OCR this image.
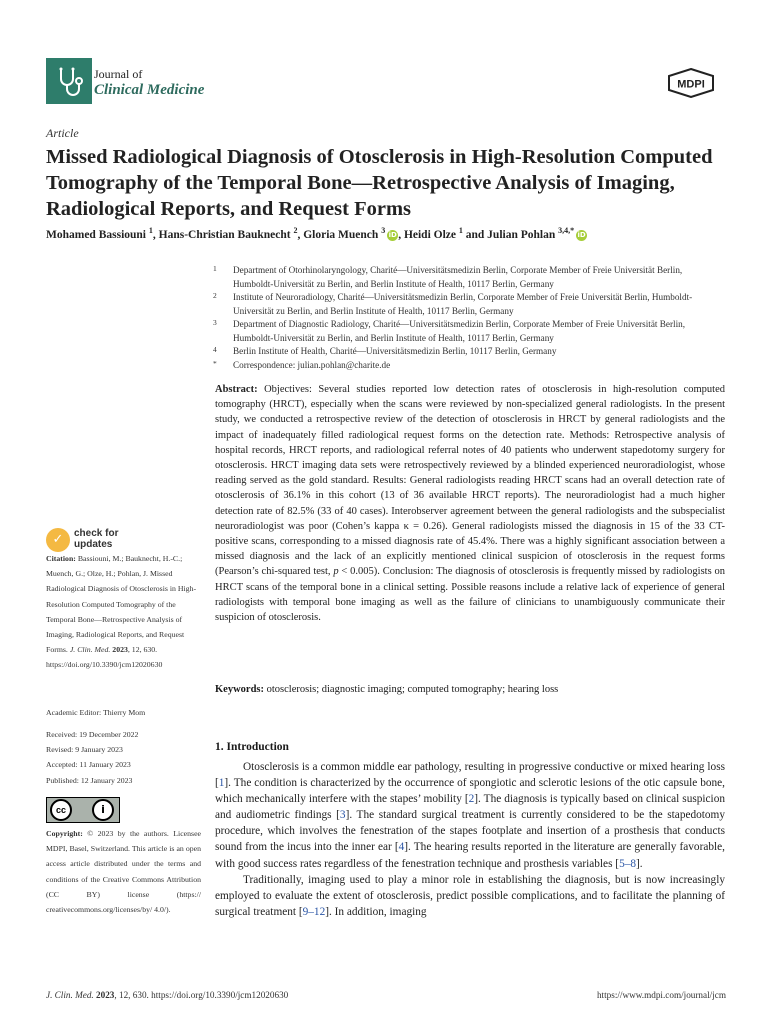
Journal of
Clinical Medicine	MDPI
Article
Missed Radiological Diagnosis of Otosclerosis in High-Resolution Computed Tomography of the Temporal Bone—Retrospective Analysis of Imaging, Radiological Reports, and Request Forms
Mohamed Bassiouni $^1$, Hans-Christian Bauknecht $^2$, Gloria Muench $^3$ iD, Heidi Olze $^1$ and Julian Pohlan $^{3,4,*}$ iD
1 Department of Otorhinolaryngology, Charité—Universitätsmedizin Berlin, Corporate Member of Freie Universität Berlin, Humboldt-Universität zu Berlin, and Berlin Institute of Health, 10117 Berlin, Germany
2 Institute of Neuroradiology, Charité—Universitätsmedizin Berlin, Corporate Member of Freie Universität Berlin, Humboldt-Universität zu Berlin, and Berlin Institute of Health, 10117 Berlin, Germany
3 Department of Diagnostic Radiology, Charité—Universitätsmedizin Berlin, Corporate Member of Freie Universität Berlin, Humboldt-Universität zu Berlin, and Berlin Institute of Health, 10117 Berlin, Germany
4 Berlin Institute of Health, Charité—Universitätsmedizin Berlin, 10117 Berlin, Germany
* Correspondence: julian.pohlan@charite.de
Abstract: Objectives: Several studies reported low detection rates of otosclerosis in high-resolution computed tomography (HRCT), especially when the scans were reviewed by non-specialized general radiologists. In the present study, we conducted a retrospective review of the detection of otosclerosis in HRCT by general radiologists and the impact of inadequately filled radiological request forms on the detection rate. Methods: Retrospective analysis of hospital records, HRCT reports, and radiological referral notes of 40 patients who underwent stapedotomy surgery for otosclerosis. HRCT imaging data sets were retrospectively reviewed by a blinded experienced neuroradiologist, whose reading served as the gold standard. Results: General radiologists reading HRCT scans had an overall detection rate of otosclerosis of 36.1% in this cohort (13 of 36 available HRCT reports). The neuroradiologist had a much higher detection rate of 82.5% (33 of 40 cases). Interobserver agreement between the general radiologists and the subspecialist neuroradiologist was poor (Cohen’s kappa κ = 0.26). General radiologists missed the diagnosis in 15 of the 33 CT-positive scans, corresponding to a missed diagnosis rate of 45.4%. There was a highly significant association between a missed diagnosis and the lack of an explicitly mentioned clinical suspicion of otosclerosis in the request forms (Pearson’s chi-squared test, p < 0.005). Conclusion: The diagnosis of otosclerosis is frequently missed by radiologists on HRCT scans of the temporal bone in a clinical setting. Possible reasons include a relative lack of experience of general radiologists with temporal bone imaging as well as the failure of clinicians to unambiguously communicate their suspicion of otosclerosis.
Keywords: otosclerosis; diagnostic imaging; computed tomography; hearing loss
✓ check for
updates
Citation: Bassiouni, M.; Bauknecht, H.-C.; Muench, G.; Olze, H.; Pohlan, J. Missed Radiological Diagnosis of Otosclerosis in High-Resolution Computed Tomography of the Temporal Bone—Retrospective Analysis of Imaging, Radiological Reports, and Request Forms. J. Clin. Med. 2023, 12, 630. https://doi.org/10.3390/jcm12020630
Academic Editor: Thierry Mom
Received: 19 December 2022
Revised: 9 January 2023
Accepted: 11 January 2023
Published: 12 January 2023
cc	i
Copyright: © 2023 by the authors. Licensee MDPI, Basel, Switzerland. This article is an open access article distributed under the terms and conditions of the Creative Commons Attribution (CC BY) license (https:// creativecommons.org/licenses/by/ 4.0/).
1. Introduction

Otosclerosis is a common middle ear pathology, resulting in progressive conductive or mixed hearing loss [1]. The condition is characterized by the occurrence of spongiotic and sclerotic lesions of the otic capsule bone, which mechanically interfere with the stapes’ mobility [2]. The diagnosis is typically based on clinical suspicion and audiometric findings [3]. The standard surgical treatment is currently considered to be the stapedotomy procedure, which involves the fenestration of the stapes footplate and insertion of a prosthesis that conducts sound from the incus into the inner ear [4]. The hearing results reported in the literature are generally favorable, with good success rates regardless of the fenestration technique and prosthesis variables [5–8].

Traditionally, imaging used to play a minor role in establishing the diagnosis, but is now increasingly employed to evaluate the extent of otosclerosis, predict possible complications, and to facilitate the planning of surgical treatment [9–12]. In addition, imaging

J. Clin. Med. 2023, 12, 630. https://doi.org/10.3390/jcm12020630	https://www.mdpi.com/journal/jcm
